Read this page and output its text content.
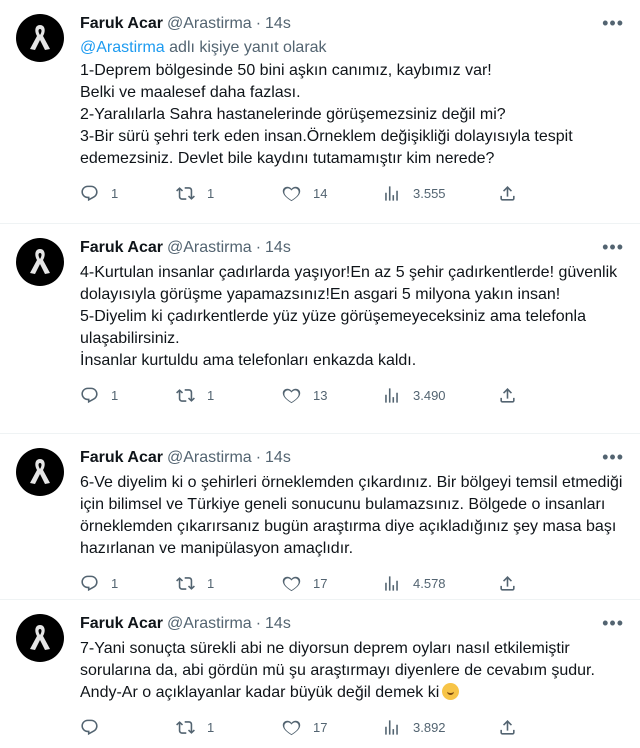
•••
Faruk Acar @Arastirma · 14s
@Arastirma adlı kişiye yanıt olarak

1-Deprem bölgesinde 50 bini aşkın canımız, kaybımız var!

Belki ve maalesef daha fazlası.

2-Yaralılarla Sahra hastanelerinde görüşemezsiniz değil mi?

3-Bir sürü şehri terk eden insan.Örneklem değişikliği dolayısıyla tespit edemezsiniz. Devlet bile kaydını tutamamıştır kim nerede?

1	1	14	3.555
•••
Faruk Acar @Arastirma · 14s

4-Kurtulan insanlar çadırlarda yaşıyor!En az 5 şehir çadırkentlerde! güvenlik dolayısıyla görüşme yapamazsınız!En asgari 5 milyona yakın insan!

5-Diyelim ki çadırkentlerde yüz yüze görüşemeyeceksiniz ama telefonla ulaşabilirsiniz.

İnsanlar kurtuldu ama telefonları enkazda kaldı.

1	1	13	3.490
•••
Faruk Acar @Arastirma · 14s

6-Ve diyelim ki o şehirleri örneklemden çıkardınız. Bir bölgeyi temsil etmediği için bilimsel ve Türkiye geneli sonucunu bulamazsınız. Bölgede o insanları örneklemden çıkarırsanız bugün araştırma diye açıkladığınız şey masa başı hazırlanan ve manipülasyon amaçlıdır.

1	1	17	4.578
•••
Faruk Acar @Arastirma · 14s

7-Yani sonuçta sürekli abi ne diyorsun deprem oyları nasıl etkilemiştir sorularına da, abi gördün mü şu araştırmayı diyenlere de cevabım şudur. Andy-Ar o açıklayanlar kadar büyük değil demek ki

1	17	3.892
